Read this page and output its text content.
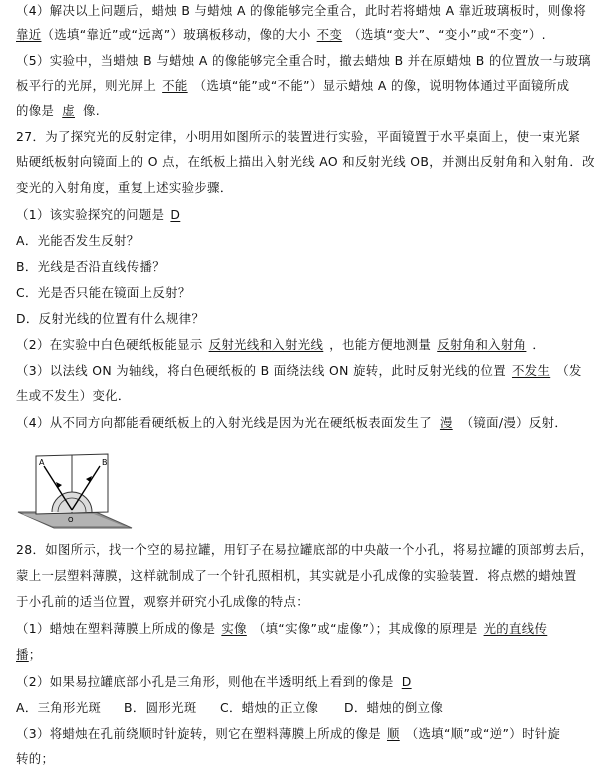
（4）解决以上问题后，蜡烛 B 与蜡烛 A 的像能够完全重合，此时若将蜡烛 A 靠近玻璃板时，则像将
靠近（选填“靠近”或“远离”）玻璃板移动，像的大小 不变 （选填“变大”、“变小”或“不变”）.
（5）实验中，当蜡烛 B 与蜡烛 A 的像能够完全重合时，撤去蜡烛 B 并在原蜡烛 B 的位置放一与玻璃
板平行的光屏，则光屏上 不能 （选填“能”或“不能”）显示蜡烛 A 的像，说明物体通过平面镜所成
的像是 虚 像.
27．为了探究光的反射定律，小明用如图所示的装置进行实验，平面镜置于水平桌面上，使一束光紧
贴硬纸板射向镜面上的 O 点，在纸板上描出入射光线 AO 和反射光线 OB，并测出反射角和入射角．改
变光的入射角度，重复上述实验步骤．
（1）该实验探究的问题是 D
A．光能否发生反射？
B．光线是否沿直线传播？
C．光是否只能在镜面上反射？
D．反射光线的位置有什么规律？
（2）在实验中白色硬纸板能显示 反射光线和入射光线 ，也能方便地测量 反射角和入射角 ．
（3）以法线 ON 为轴线，将白色硬纸板的 B 面绕法线 ON 旋转，此时反射光线的位置 不发生 （发
生或不发生）变化．
（4）从不同方向都能看硬纸板上的入射光线是因为光在硬纸板表面发生了 漫 （镜面/漫）反射．
A	B
O
28．如图所示，找一个空的易拉罐，用钉子在易拉罐底部的中央敲一个小孔，将易拉罐的顶部剪去后，
蒙上一层塑料薄膜，这样就制成了一个针孔照相机，其实就是小孔成像的实验装置．将点燃的蜡烛置
于小孔前的适当位置，观察并研究小孔成像的特点：
（1）蜡烛在塑料薄膜上所成的像是 实像 （填“实像”或“虚像”）；其成像的原理是 光的直线传
播；
（2）如果易拉罐底部小孔是三角形，则他在半透明纸上看到的像是 D
A．三角形光斑 B．圆形光斑 C．蜡烛的正立像 D．蜡烛的倒立像
（3）将蜡烛在孔前绕顺时针旋转，则它在塑料薄膜上所成的像是 顺 （选填“顺”或“逆”）时针旋
转的；
